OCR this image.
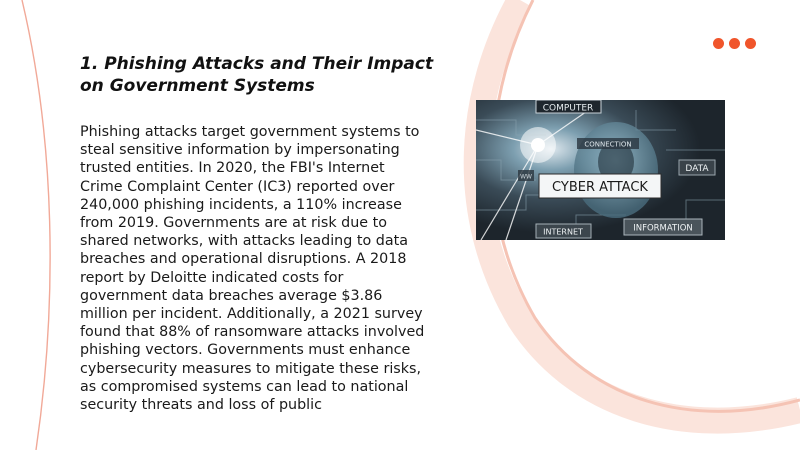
1. Phishing Attacks and Their Impact on Government Systems

Phishing attacks target government systems to steal sensitive information by impersonating trusted entities. In 2020, the FBI's Internet Crime Complaint Center (IC3) reported over 240,000 phishing incidents, a 110% increase from 2019. Governments are at risk due to shared networks, with attacks leading to data breaches and operational disruptions. A 2018 report by Deloitte indicated costs for government data breaches average $3.86 million per incident. Additionally, a 2021 survey found that 88% of ransomware attacks involved phishing vectors. Governments must enhance cybersecurity measures to mitigate these risks, as compromised systems can lead to national security threats and loss of public

COMPUTER
CONNECTION
DATA
CYBER ATTACK
WW
INTERNET	INFORMATION
